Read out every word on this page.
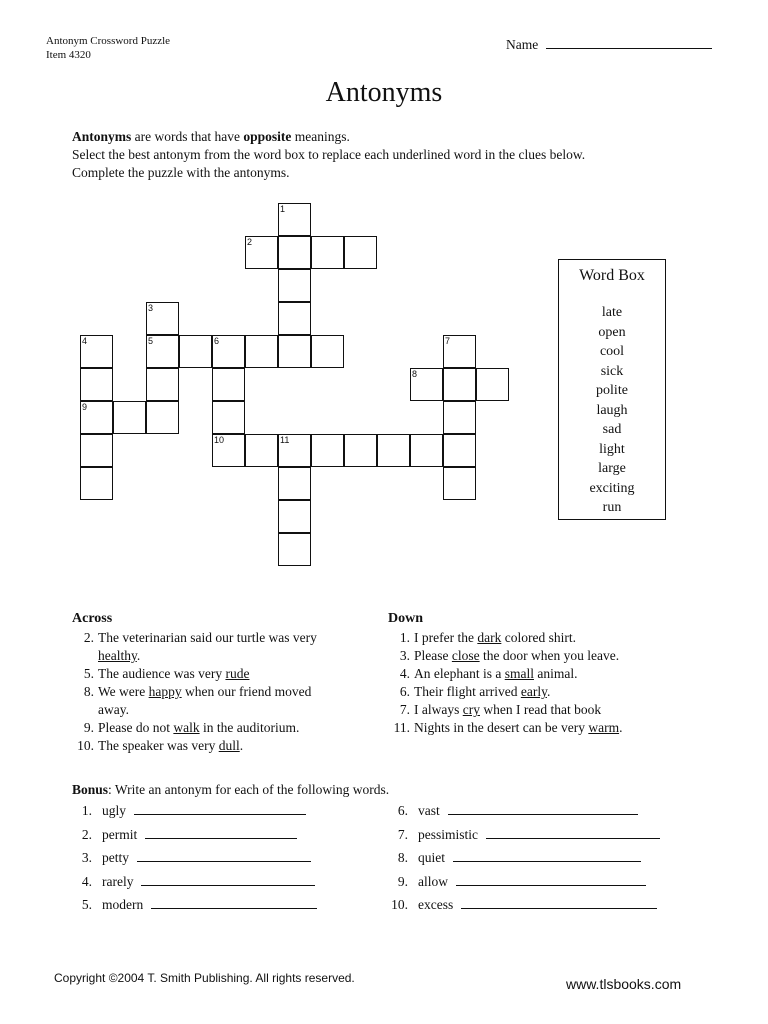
Antonym Crossword Puzzle
Item 4320
Name
Antonyms
Antonyms are words that have opposite meanings.
Select the best antonym from the word box to replace each underlined word in the clues below.
Complete the puzzle with the antonyms.
1
2
3
4	5	6	7
8
9
10	11
Word Box
late
open
cool
sick
polite
laugh
sad
light
large
exciting
run
Across
2. The veterinarian said our turtle was very
healthy.
5. The audience was very rude
8. We were happy when our friend moved
away.
9. Please do not walk in the auditorium.
10. The speaker was very dull.
Down
1. I prefer the dark colored shirt.
3. Please close the door when you leave.
4. An elephant is a small animal.
6. Their flight arrived early.
7. I always cry when I read that book
11. Nights in the desert can be very warm.
Bonus: Write an antonym for each of the following words.
1. ugly
2. permit
3. petty
4. rarely
5. modern
6. vast
7. pessimistic
8. quiet
9. allow
10. excess
Copyright ©2004 T. Smith Publishing. All rights reserved.	www.tlsbooks.com
